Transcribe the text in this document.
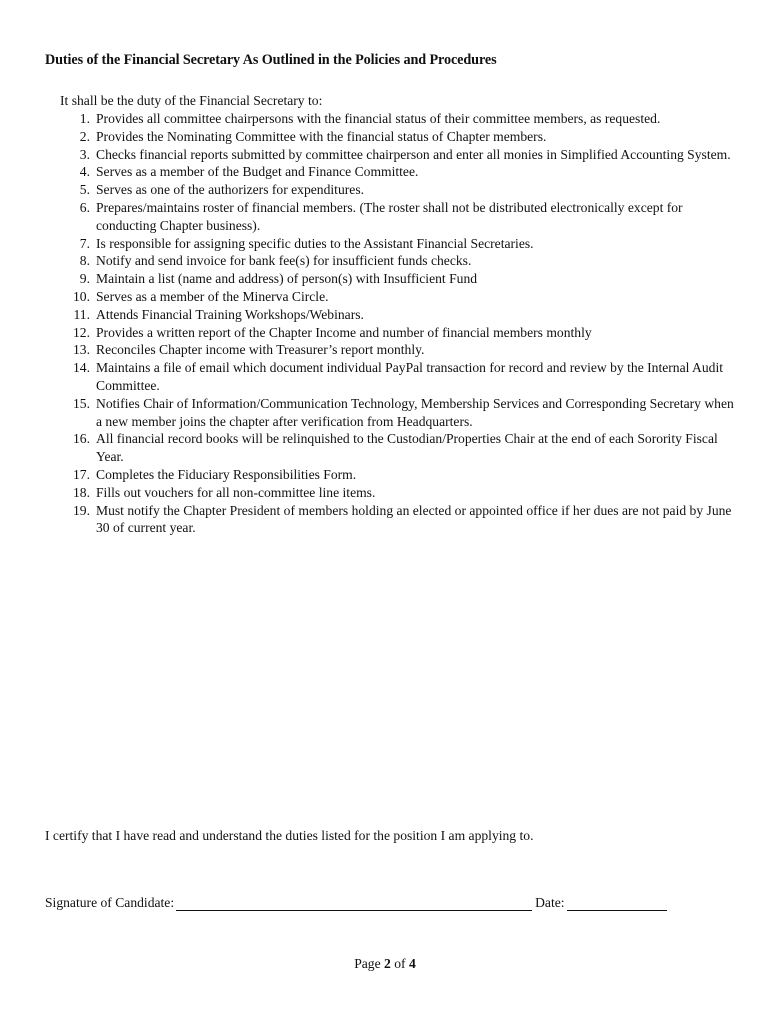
Duties of the Financial Secretary As Outlined in the Policies and Procedures
It shall be the duty of the Financial Secretary to:
1 . Provides all committee chairpersons with the financial status of their committee members, as requested.
2 . Provides the Nominating Committee with the financial status of Chapter members.
3 . Checks financial reports submitted by committee chairperson and enter all monies in Simplified Accounting System.
4 . Serves as a member of the Budget and Finance Committee.
5 . Serves as one of the authorizers for expenditures.
6 . Prepares/maintains roster of financial members. (The roster shall not be distributed electronically except for conducting Chapter business).
7 . Is responsible for assigning specific duties to the Assistant Financial Secretaries.
8 . Notify and send invoice for bank fee(s) for insufficient funds checks.
9 . Maintain a list (name and address) of person(s) with Insufficient Fund
10 . Serves as a member of the Minerva Circle.
11 . Attends Financial Training Workshops/Webinars.
12 . Provides a written report of the Chapter Income and number of financial members monthly
13 . Reconciles Chapter income with Treasurer’s report monthly.
14 . Maintains a file of email which document individual PayPal transaction for record and review by the Internal Audit Committee.
15 . Notifies Chair of Information/Communication Technology, Membership Services and Corresponding Secretary when a new member joins the chapter after verification from Headquarters.
16 . All financial record books will be relinquished to the Custodian/Properties Chair at the end of each Sorority Fiscal Year.
17 . Completes the Fiduciary Responsibilities Form.
18 . Fills out vouchers for all non-committee line items.
19 . Must notify the Chapter President of members holding an elected or appointed office if her dues are not paid by June 30 of current year.
I certify that I have read and understand the duties listed for the position I am applying to.
Signature of Candidate:	Date:
Page 2 of 4
